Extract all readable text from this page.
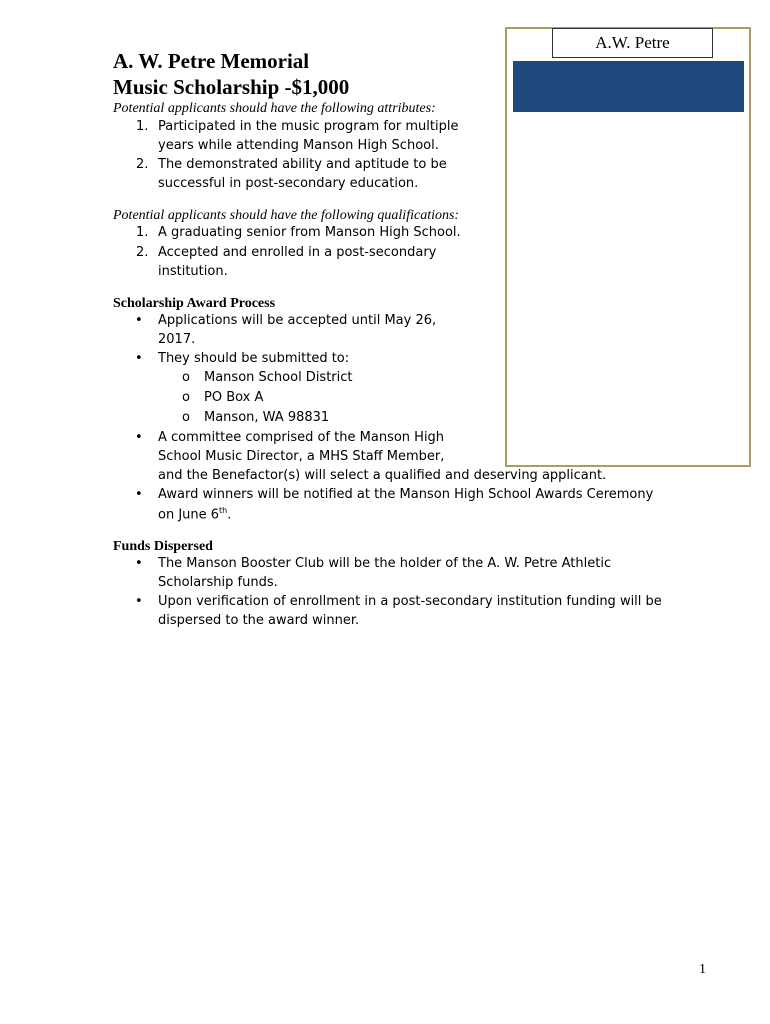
A.W. Petre
A. W. Petre Memorial
Music Scholarship -$1,000
Potential applicants should have the following attributes:
1. Participated in the music program for multiple
years while attending Manson High School.
2. The demonstrated ability and aptitude to be
successful in post-secondary education.
Potential applicants should have the following qualifications:
1. A graduating senior from Manson High School.
2. Accepted and enrolled in a post-secondary
institution.
Scholarship Award Process
• Applications will be accepted until May 26,
2017.
• They should be submitted to:
o Manson School District
o PO Box A
o Manson, WA 98831
• A committee comprised of the Manson High
School Music Director, a MHS Staff Member,
and the Benefactor(s) will select a qualified and deserving applicant.
• Award winners will be notified at the Manson High School Awards Ceremony
on June 6th.
Funds Dispersed
• The Manson Booster Club will be the holder of the A. W. Petre Athletic
Scholarship funds.
• Upon verification of enrollment in a post-secondary institution funding will be
dispersed to the award winner.
1
